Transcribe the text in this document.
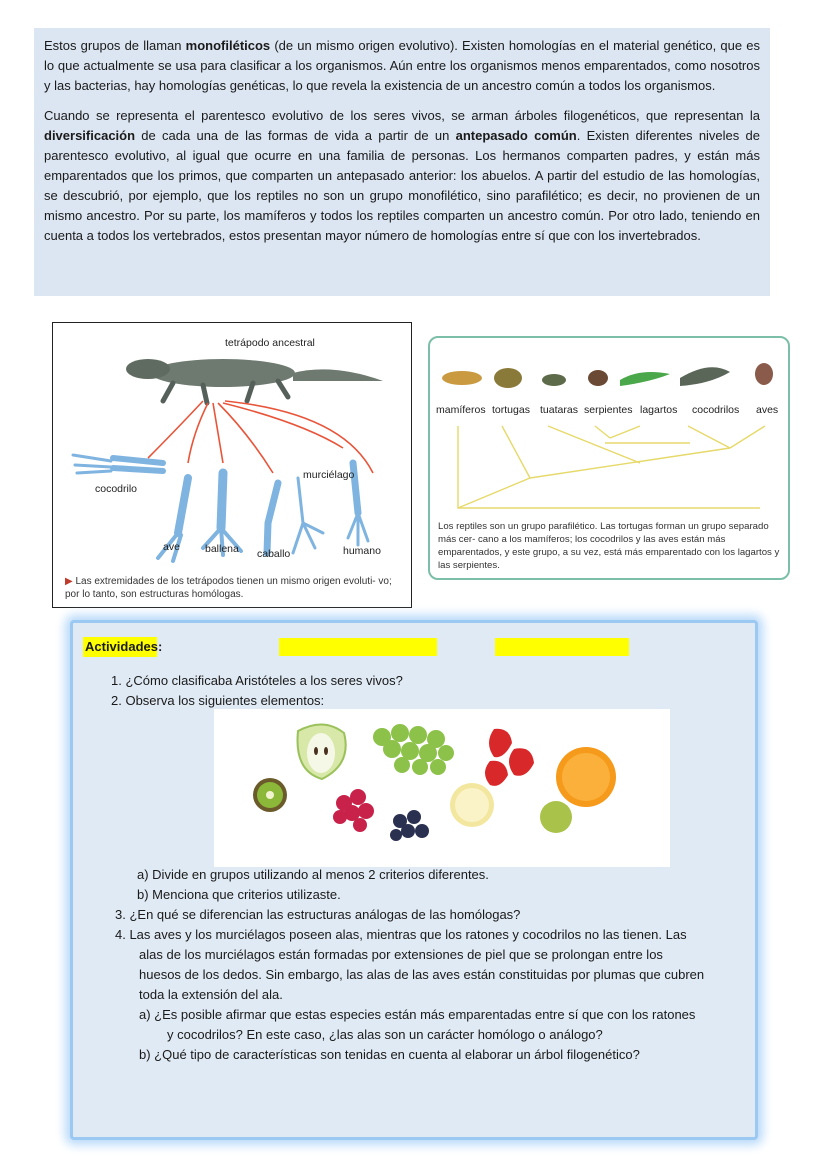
Estos grupos de llaman monofiléticos (de un mismo origen evolutivo). Existen homologías en el material genético, que es lo que actualmente se usa para clasificar a los organismos. Aún entre los organismos menos emparentados, como nosotros y las bacterias, hay homologías genéticas, lo que revela la existencia de un ancestro común a todos los organismos.

Cuando se representa el parentesco evolutivo de los seres vivos, se arman árboles filogenéticos, que representan la diversificación de cada una de las formas de vida a partir de un antepasado común. Existen diferentes niveles de parentesco evolutivo, al igual que ocurre en una familia de personas. Los hermanos comparten padres, y están más emparentados que los primos, que comparten un antepasado anterior: los abuelos. A partir del estudio de las homologías, se descubrió, por ejemplo, que los reptiles no son un grupo monofilético, sino parafilético; es decir, no provienen de un mismo ancestro. Por su parte, los mamíferos y todos los reptiles comparten un ancestro común. Por otro lado, teniendo en cuenta a todos los vertebrados, estos presentan mayor número de homologías entre sí que con los invertebrados.

tetrápodo ancestral
cocodrilo
murciélago
ave ballena caballo	humano
▶ Las extremidades de los tetrápodos tienen un mismo origen evoluti- vo; por lo tanto, son estructuras homólogas.
mamíferos tortugas tuataras serpientes lagartos cocodrilos aves
Los reptiles son un grupo parafilético. Las tortugas forman un grupo separado más cer- cano a los mamíferos; los cocodrilos y las aves están más emparentados, y este grupo, a su vez, está más emparentado con los lagartos y las serpientes.
Actividades:
1. ¿Cómo clasificaba Aristóteles a los seres vivos?
2. Observa los siguientes elementos:
a) Divide en grupos utilizando al menos 2 criterios diferentes.
b) Menciona que criterios utilizaste.
3. ¿En qué se diferencian las estructuras análogas de las homólogas?
4. Las aves y los murciélagos poseen alas, mientras que los ratones y cocodrilos no las tienen. Las
alas de los murciélagos están formadas por extensiones de piel que se prolongan entre los
huesos de los dedos. Sin embargo, las alas de las aves están constituidas por plumas que cubren
toda la extensión del ala.
a) ¿Es posible afirmar que estas especies están más emparentadas entre sí que con los ratones
y cocodrilos? En este caso, ¿las alas son un carácter homólogo o análogo?
b) ¿Qué tipo de características son tenidas en cuenta al elaborar un árbol filogenético?
